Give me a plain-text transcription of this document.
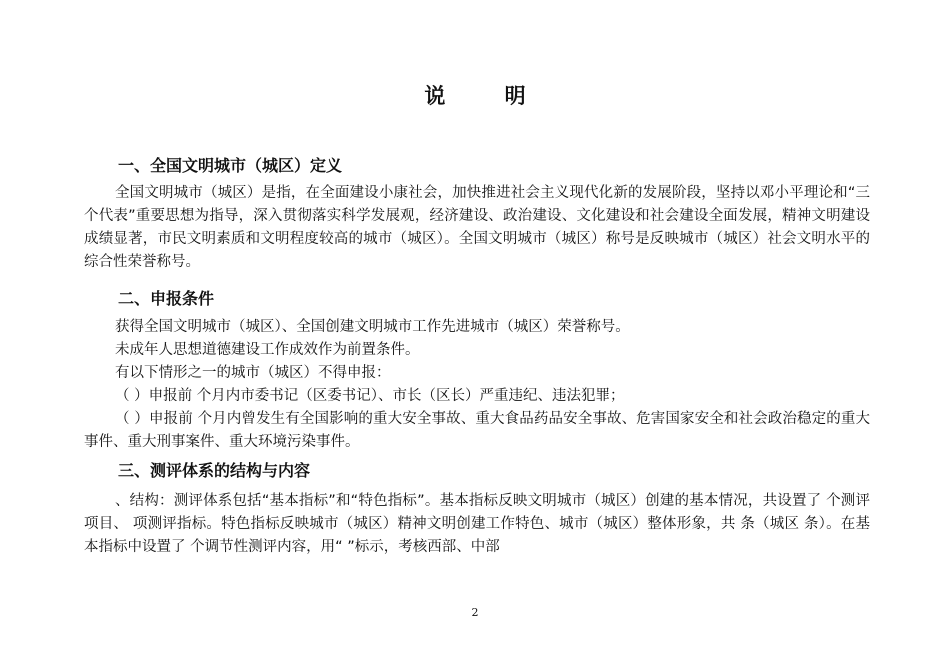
说 明
一、全国文明城市（城区）定义
全国文明城市（城区）是指，在全面建设小康社会，加快推进社会主义现代化新的发展阶段，坚持以邓小平理论和“三个代表”重要思想为指导，深入贯彻落实科学发展观，经济建设、政治建设、文化建设和社会建设全面发展，精神文明建设成绩显著，市民文明素质和文明程度较高的城市（城区）。全国文明城市（城区）称号是反映城市（城区）社会文明水平的综合性荣誉称号。
二、申报条件
获得全国文明城市（城区）、全国创建文明城市工作先进城市（城区）荣誉称号。
未成年人思想道德建设工作成效作为前置条件。
有以下情形之一的城市（城区）不得申报：
（ ）申报前 个月内市委书记（区委书记）、市长（区长）严重违纪、违法犯罪；
（ ）申报前 个月内曾发生有全国影响的重大安全事故、重大食品药品安全事故、危害国家安全和社会政治稳定的重大事件、重大刑事案件、重大环境污染事件。
三、测评体系的结构与内容
、结构：测评体系包括“基本指标”和“特色指标”。基本指标反映文明城市（城区）创建的基本情况，共设置了 个测评项目、 项测评指标。特色指标反映城市（城区）精神文明创建工作特色、城市（城区）整体形象，共 条（城区 条）。在基本指标中设置了 个调节性测评内容，用“ ”标示，考核西部、中部
2
